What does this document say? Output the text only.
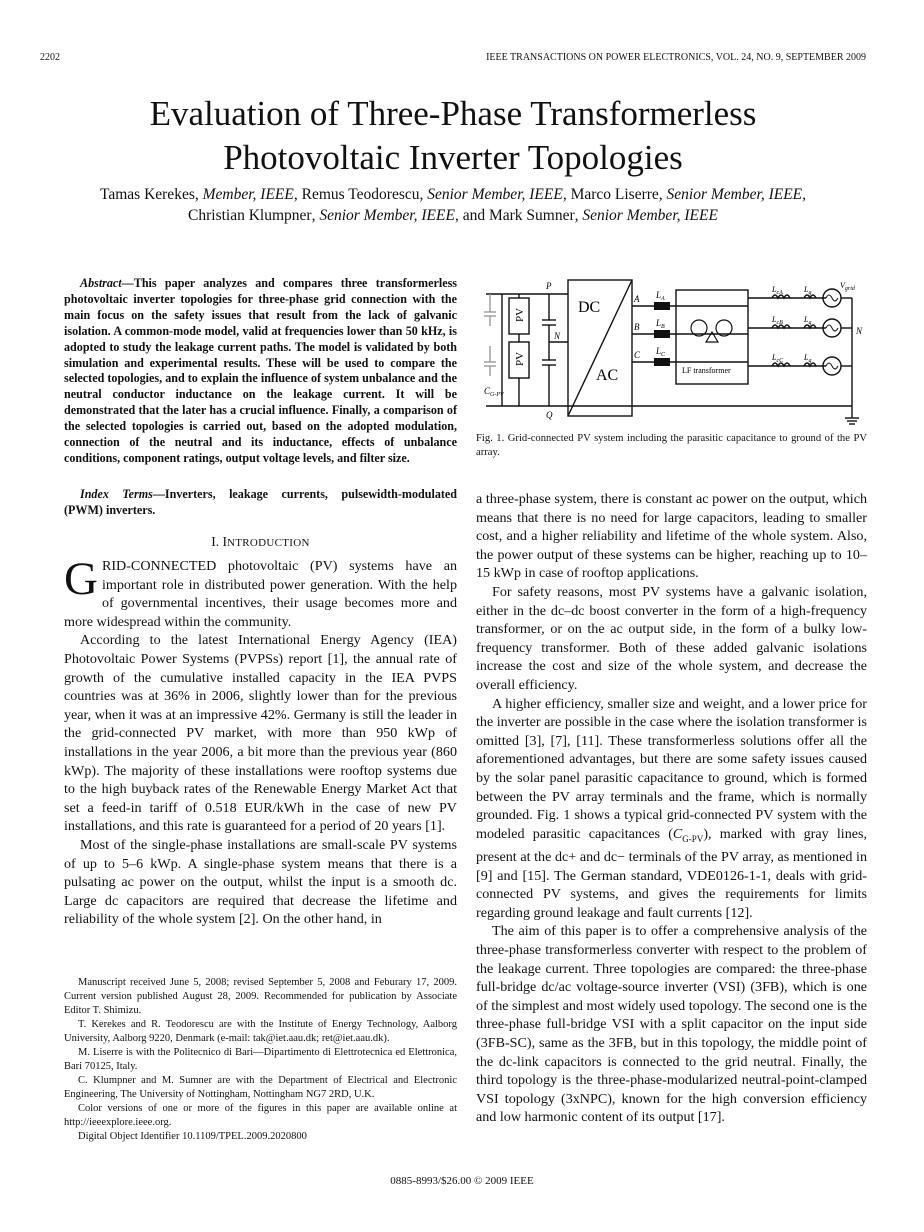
2202	IEEE TRANSACTIONS ON POWER ELECTRONICS, VOL. 24, NO. 9, SEPTEMBER 2009
Evaluation of Three-Phase Transformerless
Photovoltaic Inverter Topologies
Tamas Kerekes, Member, IEEE, Remus Teodorescu, Senior Member, IEEE, Marco Liserre, Senior Member, IEEE,
Christian Klumpner, Senior Member, IEEE, and Mark Sumner, Senior Member, IEEE

Abstract—This paper analyzes and compares three transformerless photovoltaic inverter topologies for three-phase grid connection with the main focus on the safety issues that result from the lack of galvanic isolation. A common-mode model, valid at frequencies lower than 50 kHz, is adopted to study the leakage current paths. The model is validated by both simulation and experimental results. These will be used to compare the selected topologies, and to explain the influence of system unbalance and the neutral conductor inductance on the leakage current. It will be demonstrated that the later has a crucial influence. Finally, a comparison of the selected topologies is carried out, based on the adopted modulation, connection of the neutral and its inductance, effects of unbalance conditions, component ratings, output voltage levels, and filter size.

Index Terms—Inverters, leakage currents, pulsewidth-modulated (PWM) inverters.

I. INTRODUCTION

GRID-CONNECTED photovoltaic (PV) systems have an important role in distributed power generation. With the help of governmental incentives, their usage becomes more and more widespread within the community.

According to the latest International Energy Agency (IEA) Photovoltaic Power Systems (PVPSs) report [1], the annual rate of growth of the cumulative installed capacity in the IEA PVPS countries was at 36% in 2006, slightly lower than for the previous year, when it was at an impressive 42%. Germany is still the leader in the grid-connected PV market, with more than 950 kWp of installations in the year 2006, a bit more than the previous year (860 kWp). The majority of these installations were rooftop systems due to the high buyback rates of the Renewable Energy Market Act that set a feed-in tariff of 0.518 EUR/kWh in the case of new PV installations, and this rate is guaranteed for a period of 20 years [1].

Most of the single-phase installations are small-scale PV systems of up to 5–6 kWp. A single-phase system means that there is a pulsating ac power on the output, whilst the input is a smooth dc. Large dc capacitors are required that decrease the lifetime and reliability of the whole system [2]. On the other hand, in

Manuscript received June 5, 2008; revised September 5, 2008 and Feburary 17, 2009. Current version published August 28, 2009. Recommended for publication by Associate Editor T. Shimizu.

T. Kerekes and R. Teodorescu are with the Institute of Energy Technology, Aalborg University, Aalborg 9220, Denmark (e-mail: tak@iet.aau.dk; ret@iet.aau.dk).

M. Liserre is with the Politecnico di Bari—Dipartimento di Elettrotecnica ed Elettronica, Bari 70125, Italy.

C. Klumpner and M. Sumner are with the Department of Electrical and Electronic Engineering, The University of Nottingham, Nottingham NG7 2RD, U.K.

Color versions of one or more of the figures in this paper are available online at http://ieeexplore.ieee.org.

Digital Object Identifier 10.1109/TPEL.2009.2020800

PV
PV
P
N
Q
DC
AC
A
B
C
$C_{G-PV}$
$L_A$
$L_B$
$L_C$
LF transformer
$L_{cA}$
$L_{cB}$
$L_{cC}$
$L_g$
$L_g$
$L_g$
$V_{grid}$
N
Fig. 1. Grid-connected PV system including the parasitic capacitance to ground of the PV array.

a three-phase system, there is constant ac power on the output, which means that there is no need for large capacitors, leading to smaller cost, and a higher reliability and lifetime of the whole system. Also, the power output of these systems can be higher, reaching up to 10–15 kWp in case of rooftop applications.

For safety reasons, most PV systems have a galvanic isolation, either in the dc–dc boost converter in the form of a high-frequency transformer, or on the ac output side, in the form of a bulky low-frequency transformer. Both of these added galvanic isolations increase the cost and size of the whole system, and decrease the overall efficiency.

A higher efficiency, smaller size and weight, and a lower price for the inverter are possible in the case where the isolation transformer is omitted [3], [7], [11]. These transformerless solutions offer all the aforementioned advantages, but there are some safety issues caused by the solar panel parasitic capacitance to ground, which is formed between the PV array terminals and the frame, which is normally grounded. Fig. 1 shows a typical grid-connected PV system with the modeled parasitic capacitances $(C_{G-PV})$, marked with gray lines, present at the dc+ and dc− terminals of the PV array, as mentioned in [9] and [15]. The German standard, VDE0126-1-1, deals with grid-connected PV systems, and gives the requirements for limits regarding ground leakage and fault currents [12].

The aim of this paper is to offer a comprehensive analysis of the three-phase transformerless converter with respect to the problem of the leakage current. Three topologies are compared: the three-phase full-bridge dc/ac voltage-source inverter (VSI) (3FB), which is one of the simplest and most widely used topology. The second one is the three-phase full-bridge VSI with a split capacitor on the input side (3FB-SC), same as the 3FB, but in this topology, the middle point of the dc-link capacitors is connected to the grid neutral. Finally, the third topology is the three-phase-modularized neutral-point-clamped VSI topology (3xNPC), known for the high conversion efficiency and low harmonic content of its output [17].

0885-8993/$26.00 © 2009 IEEE
